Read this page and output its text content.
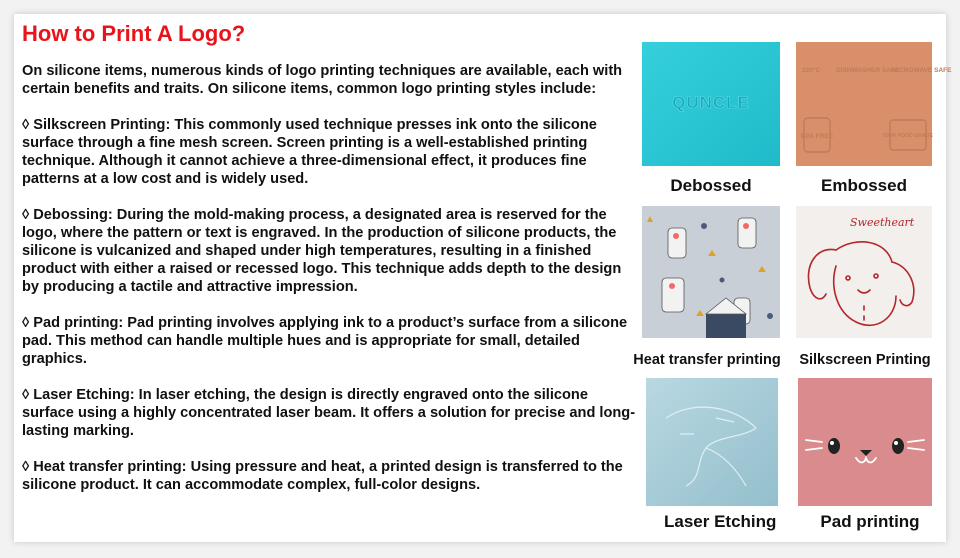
How to Print A Logo?

On silicone items, numerous kinds of logo printing techniques are available, each with certain benefits and traits. On silicone items, common logo printing styles include:

◊ Silkscreen Printing: This commonly used technique presses ink onto the silicone surface through a fine mesh screen. Screen printing is a well-established printing technique. Although it cannot achieve a three-dimensional effect, it produces fine patterns at a low cost and is widely used.

◊ Debossing: During the mold-making process, a designated area is reserved for the logo, where the pattern or text is engraved. In the production of silicone products, the silicone is vulcanized and shaped under high temperatures, resulting in a finished product with either a raised or recessed logo. This technique adds depth to the design by producing a tactile and attractive impression.

◊ Pad printing: Pad printing involves applying ink to a product’s surface from a silicone pad. This method can handle multiple hues and is appropriate for small, detailed graphics.

◊ Laser Etching: In laser etching, the design is directly engraved onto the silicone surface using a highly concentrated laser beam. It offers a solution for precise and long-lasting marking.

◊ Heat transfer printing: Using pressure and heat, a printed design is transferred to the silicone product. It can accommodate complex, full-color designs.

QUNCLE
Debossed
220°C DISHWASHER SAFE
MICROWAVE SAFE
BPA FREE	100% FOOD GRADE
Embossed
Heat transfer printing
Sweetheart
Silkscreen Printing
Laser Etching	Pad printing
